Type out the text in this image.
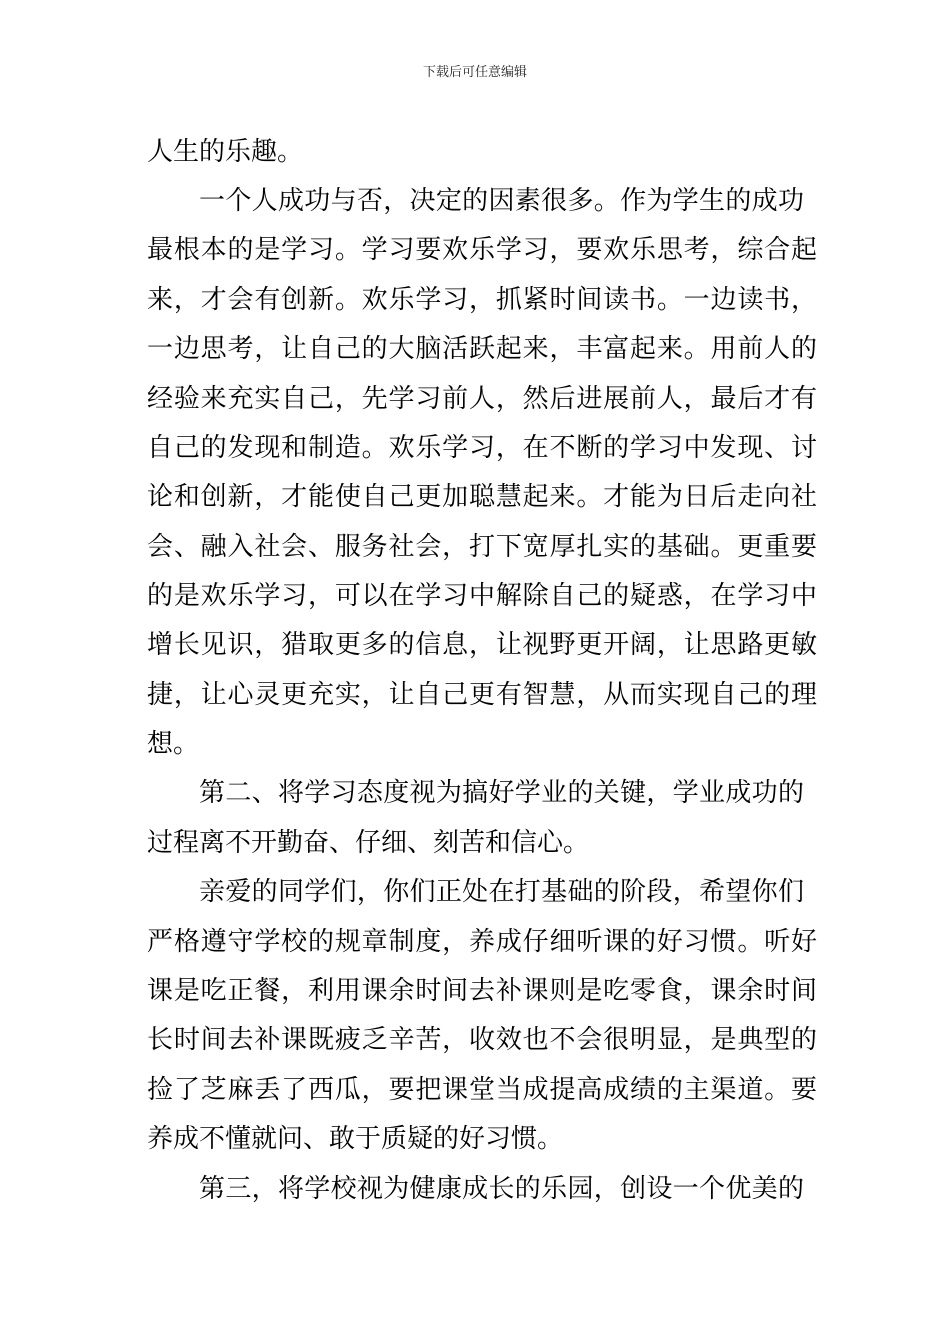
下载后可任意编辑
人生的乐趣。
一个人成功与否，决定的因素很多。作为学生的成功
最根本的是学习。学习要欢乐学习，要欢乐思考，综合起
来，才会有创新。欢乐学习，抓紧时间读书。一边读书，
一边思考，让自己的大脑活跃起来，丰富起来。用前人的
经验来充实自己，先学习前人，然后进展前人，最后才有
自己的发现和制造。欢乐学习，在不断的学习中发现、讨
论和创新，才能使自己更加聪慧起来。才能为日后走向社
会、融入社会、服务社会，打下宽厚扎实的基础。更重要
的是欢乐学习，可以在学习中解除自己的疑惑，在学习中
增长见识，猎取更多的信息，让视野更开阔，让思路更敏
捷，让心灵更充实，让自己更有智慧，从而实现自己的理
想。
第二、将学习态度视为搞好学业的关键，学业成功的
过程离不开勤奋、仔细、刻苦和信心。
亲爱的同学们，你们正处在打基础的阶段，希望你们
严格遵守学校的规章制度，养成仔细听课的好习惯。听好
课是吃正餐，利用课余时间去补课则是吃零食，课余时间
长时间去补课既疲乏辛苦，收效也不会很明显，是典型的
捡了芝麻丢了西瓜，要把课堂当成提高成绩的主渠道。要
养成不懂就问、敢于质疑的好习惯。
第三，将学校视为健康成长的乐园，创设一个优美的
